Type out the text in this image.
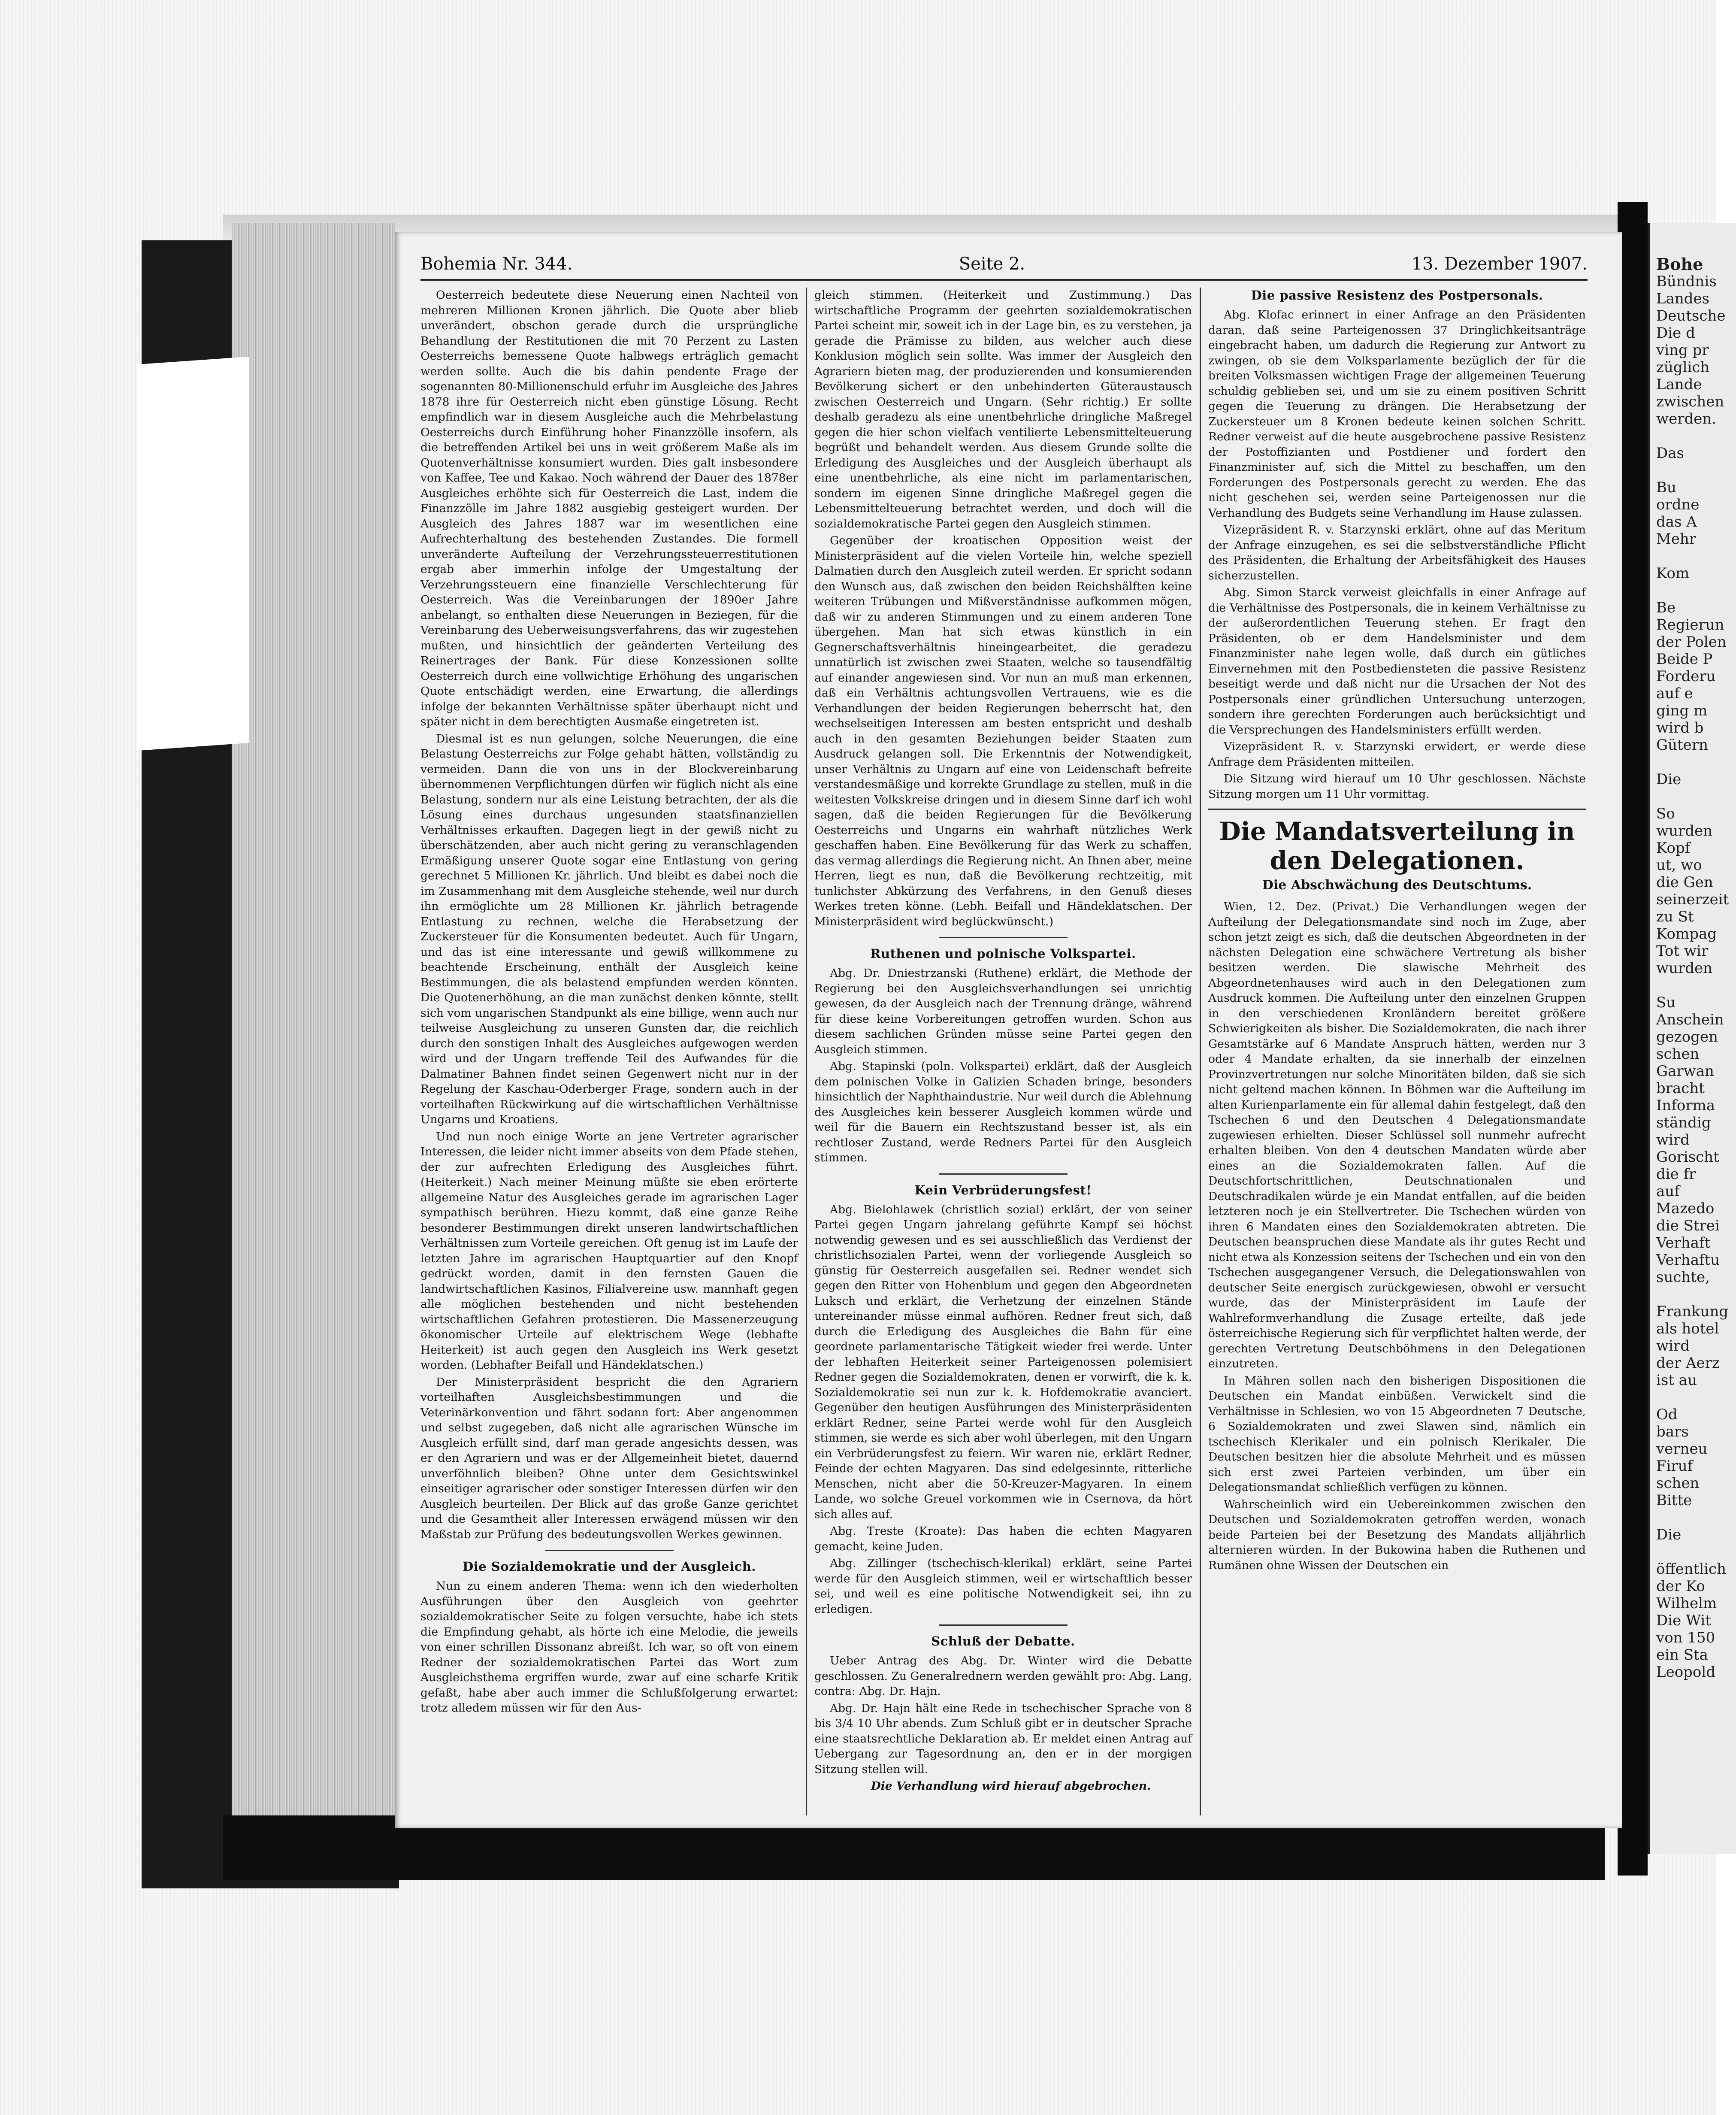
Bohe
Bündnis
Landes
Deutsche
Die d
ving pr
züglich
Lande
zwischen
werden.

Das

Bu
ordne
das A
Mehr

Kom

Be
Regierun
der Polen
Beide P
Forderu
auf e
ging m
wird b
Gütern

Die

So
wurden
Kopf
ut, wo
die Gen
seinerzeit
zu St
Kompag
Tot wir
wurden

Su
Anschein
gezogen
schen
Garwan
bracht
Informa
ständig
wird
Gorischt
die fr
auf
Mazedo
die Strei
Verhaft
Verhaftu
suchte,

Frankung
als hotel
wird
der Aerz
ist au

Od
bars
verneu
Firuf
schen
Bitte

Die

öffentlich
der Ko
Wilhelm
Die Wit
von 150
ein Sta
Leopold
Bohemia Nr. 344.	Seite 2.	13. Dezember 1907.

Oesterreich bedeutete diese Neuerung einen Nachteil von mehreren Millionen Kronen jährlich. Die Quote aber blieb unverändert, obschon gerade durch die ursprüngliche Behandlung der Restitutionen die mit 70 Perzent zu Lasten Oesterreichs bemessene Quote halbwegs erträglich gemacht werden sollte. Auch die bis dahin pendente Frage der sogenannten 80-Millionenschuld erfuhr im Ausgleiche des Jahres 1878 ihre für Oesterreich nicht eben günstige Lösung. Recht empfindlich war in diesem Ausgleiche auch die Mehrbelastung Oesterreichs durch Einführung hoher Finanzzölle insofern, als die betreffenden Artikel bei uns in weit größerem Maße als im Quotenverhältnisse konsumiert wurden. Dies galt insbesondere von Kaffee, Tee und Kakao. Noch während der Dauer des 1878er Ausgleiches erhöhte sich für Oesterreich die Last, indem die Finanzzölle im Jahre 1882 ausgiebig gesteigert wurden. Der Ausgleich des Jahres 1887 war im wesentlichen eine Aufrechterhaltung des bestehenden Zustandes. Die formell unveränderte Aufteilung der Verzehrungssteuerrestitutionen ergab aber immerhin infolge der Umgestaltung der Verzehrungssteuern eine finanzielle Verschlechterung für Oesterreich. Was die Vereinbarungen der 1890er Jahre anbelangt, so enthalten diese Neuerungen in Beziegen, für die Vereinbarung des Ueberweisungsverfahrens, das wir zugestehen mußten, und hinsichtlich der geänderten Verteilung des Reinertrages der Bank. Für diese Konzessionen sollte Oesterreich durch eine vollwichtige Erhöhung des ungarischen Quote entschädigt werden, eine Erwartung, die allerdings infolge der bekannten Verhältnisse später überhaupt nicht und später nicht in dem berechtigten Ausmaße eingetreten ist.

Diesmal ist es nun gelungen, solche Neuerungen, die eine Belastung Oesterreichs zur Folge gehabt hätten, vollständig zu vermeiden. Dann die von uns in der Blockvereinbarung übernommenen Verpflichtungen dürfen wir füglich nicht als eine Belastung, sondern nur als eine Leistung betrachten, der als die Lösung eines durchaus ungesunden staatsfinanziellen Verhältnisses erkauften. Dagegen liegt in der gewiß nicht zu überschätzenden, aber auch nicht gering zu veranschlagenden Ermäßigung unserer Quote sogar eine Entlastung von gering gerechnet 5 Millionen Kr. jährlich. Und bleibt es dabei noch die im Zusammenhang mit dem Ausgleiche stehende, weil nur durch ihn ermöglichte um 28 Millionen Kr. jährlich betragende Entlastung zu rechnen, welche die Herabsetzung der Zuckersteuer für die Konsumenten bedeutet. Auch für Ungarn, und das ist eine interessante und gewiß willkommene zu beachtende Erscheinung, enthält der Ausgleich keine Bestimmungen, die als belastend empfunden werden könnten. Die Quotenerhöhung, an die man zunächst denken könnte, stellt sich vom ungarischen Standpunkt als eine billige, wenn auch nur teilweise Ausgleichung zu unseren Gunsten dar, die reichlich durch den sonstigen Inhalt des Ausgleiches aufgewogen werden wird und der Ungarn treffende Teil des Aufwandes für die Dalmatiner Bahnen findet seinen Gegenwert nicht nur in der Regelung der Kaschau-Oderberger Frage, sondern auch in der vorteilhaften Rückwirkung auf die wirtschaftlichen Verhältnisse Ungarns und Kroatiens.

Und nun noch einige Worte an jene Vertreter agrarischer Interessen, die leider nicht immer abseits von dem Pfade stehen, der zur aufrechten Erledigung des Ausgleiches führt. (Heiterkeit.) Nach meiner Meinung müßte sie eben erörterte allgemeine Natur des Ausgleiches gerade im agrarischen Lager sympathisch berühren. Hiezu kommt, daß eine ganze Reihe besonderer Bestimmungen direkt unseren landwirtschaftlichen Verhältnissen zum Vorteile gereichen. Oft genug ist im Laufe der letzten Jahre im agrarischen Hauptquartier auf den Knopf gedrückt worden, damit in den fernsten Gauen die landwirtschaftlichen Kasinos, Filialvereine usw. mannhaft gegen alle möglichen bestehenden und nicht bestehenden wirtschaftlichen Gefahren protestieren. Die Massenerzeugung ökonomischer Urteile auf elektrischem Wege (lebhafte Heiterkeit) ist auch gegen den Ausgleich ins Werk gesetzt worden. (Lebhafter Beifall und Händeklatschen.)

Der Ministerpräsident bespricht die den Agrariern vorteilhaften Ausgleichsbestimmungen und die Veterinärkonvention und fährt sodann fort: Aber angenommen und selbst zugegeben, daß nicht alle agrarischen Wünsche im Ausgleich erfüllt sind, darf man gerade angesichts dessen, was er den Agrariern und was er der Allgemeinheit bietet, dauernd unverföhnlich bleiben? Ohne unter dem Gesichtswinkel einseitiger agrarischer oder sonstiger Interessen dürfen wir den Ausgleich beurteilen. Der Blick auf das große Ganze gerichtet und die Gesamtheit aller Interessen erwägend müssen wir den Maßstab zur Prüfung des bedeutungsvollen Werkes gewinnen.

Die Sozialdemokratie und der Ausgleich.

Nun zu einem anderen Thema: wenn ich den wiederholten Ausführungen über den Ausgleich von geehrter sozialdemokratischer Seite zu folgen versuchte, habe ich stets die Empfindung gehabt, als hörte ich eine Melodie, die jeweils von einer schrillen Dissonanz abreißt. Ich war, so oft von einem Redner der sozialdemokratischen Partei das Wort zum Ausgleichsthema ergriffen wurde, zwar auf eine scharfe Kritik gefaßt, habe aber auch immer die Schlußfolgerung erwartet: trotz alledem müssen wir für den Aus-

gleich stimmen. (Heiterkeit und Zustimmung.) Das wirtschaftliche Programm der geehrten sozialdemokratischen Partei scheint mir, soweit ich in der Lage bin, es zu verstehen, ja gerade die Prämisse zu bilden, aus welcher auch diese Konklusion möglich sein sollte. Was immer der Ausgleich den Agrariern bieten mag, der produzierenden und konsumierenden Bevölkerung sichert er den unbehinderten Güteraustausch zwischen Oesterreich und Ungarn. (Sehr richtig.) Er sollte deshalb geradezu als eine unentbehrliche dringliche Maßregel gegen die hier schon vielfach ventilierte Lebensmittelteuerung begrüßt und behandelt werden. Aus diesem Grunde sollte die Erledigung des Ausgleiches und der Ausgleich überhaupt als eine unentbehrliche, als eine nicht im parlamentarischen, sondern im eigenen Sinne dringliche Maßregel gegen die Lebensmittelteuerung betrachtet werden, und doch will die sozialdemokratische Partei gegen den Ausgleich stimmen.

Gegenüber der kroatischen Opposition weist der Ministerpräsident auf die vielen Vorteile hin, welche speziell Dalmatien durch den Ausgleich zuteil werden. Er spricht sodann den Wunsch aus, daß zwischen den beiden Reichshälften keine weiteren Trübungen und Mißverständnisse aufkommen mögen, daß wir zu anderen Stimmungen und zu einem anderen Tone übergehen. Man hat sich etwas künstlich in ein Gegnerschaftsverhältnis hineingearbeitet, die geradezu unnatürlich ist zwischen zwei Staaten, welche so tausendfältig auf einander angewiesen sind. Vor nun an muß man erkennen, daß ein Verhältnis achtungsvollen Vertrauens, wie es die Verhandlungen der beiden Regierungen beherrscht hat, den wechselseitigen Interessen am besten entspricht und deshalb auch in den gesamten Beziehungen beider Staaten zum Ausdruck gelangen soll. Die Erkenntnis der Notwendigkeit, unser Verhältnis zu Ungarn auf eine von Leidenschaft befreite verstandesmäßige und korrekte Grundlage zu stellen, muß in die weitesten Volkskreise dringen und in diesem Sinne darf ich wohl sagen, daß die beiden Regierungen für die Bevölkerung Oesterreichs und Ungarns ein wahrhaft nützliches Werk geschaffen haben. Eine Bevölkerung für das Werk zu schaffen, das vermag allerdings die Regierung nicht. An Ihnen aber, meine Herren, liegt es nun, daß die Bevölkerung rechtzeitig, mit tunlichster Abkürzung des Verfahrens, in den Genuß dieses Werkes treten könne. (Lebh. Beifall und Händeklatschen. Der Ministerpräsident wird beglückwünscht.)

Ruthenen und polnische Volkspartei.

Abg. Dr. Dniestrzanski (Ruthene) erklärt, die Methode der Regierung bei den Ausgleichsverhandlungen sei unrichtig gewesen, da der Ausgleich nach der Trennung dränge, während für diese keine Vorbereitungen getroffen wurden. Schon aus diesem sachlichen Gründen müsse seine Partei gegen den Ausgleich stimmen.

Abg. Stapinski (poln. Volkspartei) erklärt, daß der Ausgleich dem polnischen Volke in Galizien Schaden bringe, besonders hinsichtlich der Naphthaindustrie. Nur weil durch die Ablehnung des Ausgleiches kein besserer Ausgleich kommen würde und weil für die Bauern ein Rechtszustand besser ist, als ein rechtloser Zustand, werde Redners Partei für den Ausgleich stimmen.

Kein Verbrüderungsfest!

Abg. Bielohlawek (christlich sozial) erklärt, der von seiner Partei gegen Ungarn jahrelang geführte Kampf sei höchst notwendig gewesen und es sei ausschließlich das Verdienst der christlichsozialen Partei, wenn der vorliegende Ausgleich so günstig für Oesterreich ausgefallen sei. Redner wendet sich gegen den Ritter von Hohenblum und gegen den Abgeordneten Luksch und erklärt, die Verhetzung der einzelnen Stände untereinander müsse einmal aufhören. Redner freut sich, daß durch die Erledigung des Ausgleiches die Bahn für eine geordnete parlamentarische Tätigkeit wieder frei werde. Unter der lebhaften Heiterkeit seiner Parteigenossen polemisiert Redner gegen die Sozialdemokraten, denen er vorwirft, die k. k. Sozialdemokratie sei nun zur k. k. Hofdemokratie avanciert. Gegenüber den heutigen Ausführungen des Ministerpräsidenten erklärt Redner, seine Partei werde wohl für den Ausgleich stimmen, sie werde es sich aber wohl überlegen, mit den Ungarn ein Verbrüderungsfest zu feiern. Wir waren nie, erklärt Redner, Feinde der echten Magyaren. Das sind edelgesinnte, ritterliche Menschen, nicht aber die 50-Kreuzer-Magyaren. In einem Lande, wo solche Greuel vorkommen wie in Csernova, da hört sich alles auf.

Abg. Treste (Kroate): Das haben die echten Magyaren gemacht, keine Juden.

Abg. Zillinger (tschechisch-klerikal) erklärt, seine Partei werde für den Ausgleich stimmen, weil er wirtschaftlich besser sei, und weil es eine politische Notwendigkeit sei, ihn zu erledigen.

Schluß der Debatte.

Ueber Antrag des Abg. Dr. Winter wird die Debatte geschlossen. Zu Generalrednern werden gewählt pro: Abg. Lang, contra: Abg. Dr. Hajn.

Abg. Dr. Hajn hält eine Rede in tschechischer Sprache von 8 bis 3/4 10 Uhr abends. Zum Schluß gibt er in deutscher Sprache eine staatsrechtliche Deklaration ab. Er meldet einen Antrag auf Uebergang zur Tagesordnung an, den er in der morgigen Sitzung stellen will.

Die Verhandlung wird hierauf abgebrochen.

Die passive Resistenz des Postpersonals.

Abg. Klofac erinnert in einer Anfrage an den Präsidenten daran, daß seine Parteigenossen 37 Dringlichkeitsanträge eingebracht haben, um dadurch die Regierung zur Antwort zu zwingen, ob sie dem Volksparlamente bezüglich der für die breiten Volksmassen wichtigen Frage der allgemeinen Teuerung schuldig geblieben sei, und um sie zu einem positiven Schritt gegen die Teuerung zu drängen. Die Herabsetzung der Zuckersteuer um 8 Kronen bedeute keinen solchen Schritt. Redner verweist auf die heute ausgebrochene passive Resistenz der Postoffizianten und Postdiener und fordert den Finanzminister auf, sich die Mittel zu beschaffen, um den Forderungen des Postpersonals gerecht zu werden. Ehe das nicht geschehen sei, werden seine Parteigenossen nur die Verhandlung des Budgets seine Verhandlung im Hause zulassen.

Vizepräsident R. v. Starzynski erklärt, ohne auf das Meritum der Anfrage einzugehen, es sei die selbstverständliche Pflicht des Präsidenten, die Erhaltung der Arbeitsfähigkeit des Hauses sicherzustellen.

Abg. Simon Starck verweist gleichfalls in einer Anfrage auf die Verhältnisse des Postpersonals, die in keinem Verhältnisse zu der außerordentlichen Teuerung stehen. Er fragt den Präsidenten, ob er dem Handelsminister und dem Finanzminister nahe legen wolle, daß durch ein gütliches Einvernehmen mit den Postbediensteten die passive Resistenz beseitigt werde und daß nicht nur die Ursachen der Not des Postpersonals einer gründlichen Untersuchung unterzogen, sondern ihre gerechten Forderungen auch berücksichtigt und die Versprechungen des Handelsministers erfüllt werden.

Vizepräsident R. v. Starzynski erwidert, er werde diese Anfrage dem Präsidenten mitteilen.

Die Sitzung wird hierauf um 10 Uhr geschlossen. Nächste Sitzung morgen um 11 Uhr vormittag.

Die Mandatsverteilung in den Delegationen.
Die Abschwächung des Deutschtums.

Wien, 12. Dez. (Privat.) Die Verhandlungen wegen der Aufteilung der Delegationsmandate sind noch im Zuge, aber schon jetzt zeigt es sich, daß die deutschen Abgeordneten in der nächsten Delegation eine schwächere Vertretung als bisher besitzen werden. Die slawische Mehrheit des Abgeordnetenhauses wird auch in den Delegationen zum Ausdruck kommen. Die Aufteilung unter den einzelnen Gruppen in den verschiedenen Kronländern bereitet größere Schwierigkeiten als bisher. Die Sozialdemokraten, die nach ihrer Gesamtstärke auf 6 Mandate Anspruch hätten, werden nur 3 oder 4 Mandate erhalten, da sie innerhalb der einzelnen Provinzvertretungen nur solche Minoritäten bilden, daß sie sich nicht geltend machen können. In Böhmen war die Aufteilung im alten Kurienparlamente ein für allemal dahin festgelegt, daß den Tschechen 6 und den Deutschen 4 Delegationsmandate zugewiesen erhielten. Dieser Schlüssel soll nunmehr aufrecht erhalten bleiben. Von den 4 deutschen Mandaten würde aber eines an die Sozialdemokraten fallen. Auf die Deutschfortschrittlichen, Deutschnationalen und Deutschradikalen würde je ein Mandat entfallen, auf die beiden letzteren noch je ein Stellvertreter. Die Tschechen würden von ihren 6 Mandaten eines den Sozialdemokraten abtreten. Die Deutschen beanspruchen diese Mandate als ihr gutes Recht und nicht etwa als Konzession seitens der Tschechen und ein von den Tschechen ausgegangener Versuch, die Delegationswahlen von deutscher Seite energisch zurückgewiesen, obwohl er versucht wurde, das der Ministerpräsident im Laufe der Wahlreformverhandlung die Zusage erteilte, daß jede österreichische Regierung sich für verpflichtet halten werde, der gerechten Vertretung Deutschböhmens in den Delegationen einzutreten.

In Mähren sollen nach den bisherigen Dispositionen die Deutschen ein Mandat einbüßen. Verwickelt sind die Verhältnisse in Schlesien, wo von 15 Abgeordneten 7 Deutsche, 6 Sozialdemokraten und zwei Slawen sind, nämlich ein tschechisch Klerikaler und ein polnisch Klerikaler. Die Deutschen besitzen hier die absolute Mehrheit und es müssen sich erst zwei Parteien verbinden, um über ein Delegationsmandat schließlich verfügen zu können.

Wahrscheinlich wird ein Uebereinkommen zwischen den Deutschen und Sozialdemokraten getroffen werden, wonach beide Parteien bei der Besetzung des Mandats alljährlich alternieren würden. In der Bukowina haben die Ruthenen und Rumänen ohne Wissen der Deutschen ein
